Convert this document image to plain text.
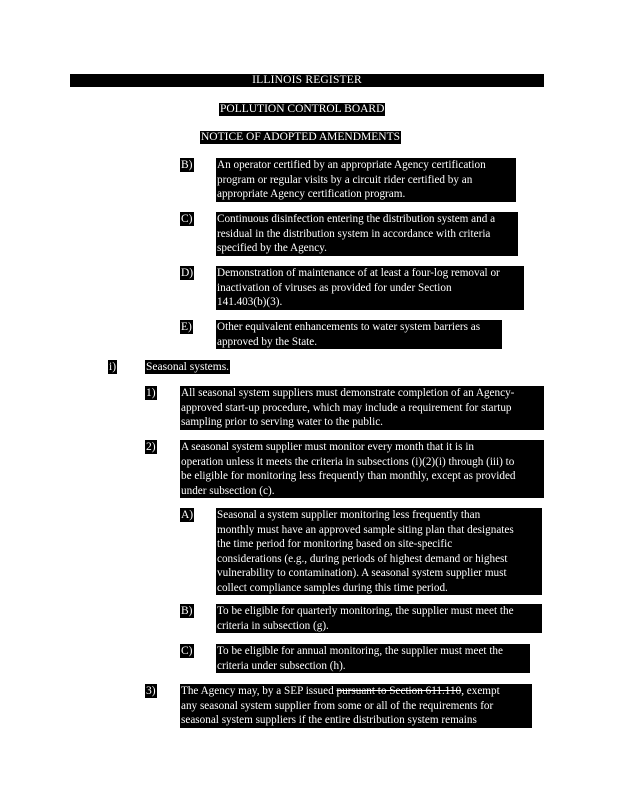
ILLINOIS REGISTER
POLLUTION CONTROL BOARD
NOTICE OF ADOPTED AMENDMENTS
B) An operator certified by an appropriate Agency certification
program or regular visits by a circuit rider certified by an
appropriate Agency certification program.
C) Continuous disinfection entering the distribution system and a
residual in the distribution system in accordance with criteria
specified by the Agency.
D) Demonstration of maintenance of at least a four-log removal or
inactivation of viruses as provided for under Section
141.403(b)(3).
E) Other equivalent enhancements to water system barriers as
approved by the State.
i)	Seasonal systems.
1) All seasonal system suppliers must demonstrate completion of an Agency-
approved start-up procedure, which may include a requirement for startup
sampling prior to serving water to the public.
2) A seasonal system supplier must monitor every month that it is in
operation unless it meets the criteria in subsections (i)(2)(i) through (iii) to
be eligible for monitoring less frequently than monthly, except as provided
under subsection (c).
A) Seasonal a system supplier monitoring less frequently than
monthly must have an approved sample siting plan that designates
the time period for monitoring based on site-specific
considerations (e.g., during periods of highest demand or highest
vulnerability to contamination). A seasonal system supplier must
collect compliance samples during this time period.
B) To be eligible for quarterly monitoring, the supplier must meet the
criteria in subsection (g).
C) To be eligible for annual monitoring, the supplier must meet the
criteria under subsection (h).
3) The Agency may, by a SEP issued pursuant to Section 611.110, exempt
any seasonal system supplier from some or all of the requirements for
seasonal system suppliers if the entire distribution system remains
